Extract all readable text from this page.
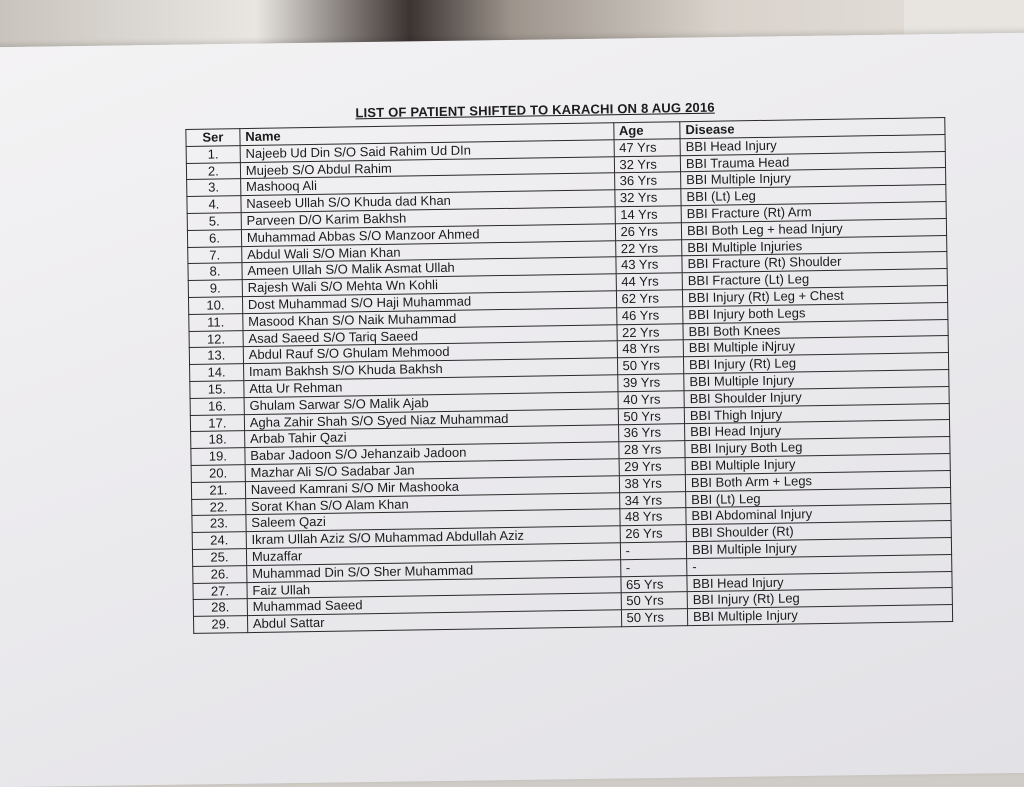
LIST OF PATIENT SHIFTED TO KARACHI ON 8 AUG 2016
Ser	Name	Age	Disease
1.	Najeeb Ud Din S/O Said Rahim Ud DIn	47 Yrs	BBI Head Injury
2.	Mujeeb S/O Abdul Rahim	32 Yrs	BBI Trauma Head
3.	Mashooq Ali	36 Yrs	BBI Multiple Injury
4.	Naseeb Ullah S/O Khuda dad Khan	32 Yrs	BBI (Lt) Leg
5.	Parveen D/O Karim Bakhsh	14 Yrs	BBI Fracture (Rt) Arm
6.	Muhammad Abbas S/O Manzoor Ahmed	26 Yrs	BBI Both Leg + head Injury
7.	Abdul Wali S/O Mian Khan	22 Yrs	BBI Multiple Injuries
8.	Ameen Ullah S/O Malik Asmat Ullah	43 Yrs	BBI Fracture (Rt) Shoulder
9.	Rajesh Wali S/O Mehta Wn Kohli	44 Yrs	BBI Fracture (Lt) Leg
10.	Dost Muhammad S/O Haji Muhammad	62 Yrs	BBI Injury (Rt) Leg + Chest
11.	Masood Khan S/O Naik Muhammad	46 Yrs	BBI Injury both Legs
12.	Asad Saeed S/O Tariq Saeed	22 Yrs	BBI Both Knees
13.	Abdul Rauf S/O Ghulam Mehmood	48 Yrs	BBI Multiple iNjruy
14.	Imam Bakhsh S/O Khuda Bakhsh	50 Yrs	BBI Injury (Rt) Leg
15.	Atta Ur Rehman	39 Yrs	BBI Multiple Injury
16.	Ghulam Sarwar S/O Malik Ajab	40 Yrs	BBI Shoulder Injury
17.	Agha Zahir Shah S/O Syed Niaz Muhammad	50 Yrs	BBI Thigh Injury
18.	Arbab Tahir Qazi	36 Yrs	BBI Head Injury
19.	Babar Jadoon S/O Jehanzaib Jadoon	28 Yrs	BBI Injury Both Leg
20.	Mazhar Ali S/O Sadabar Jan	29 Yrs	BBI Multiple Injury
21.	Naveed Kamrani S/O Mir Mashooka	38 Yrs	BBI Both Arm + Legs
22.	Sorat Khan S/O Alam Khan	34 Yrs	BBI (Lt) Leg
23.	Saleem Qazi	48 Yrs	BBI Abdominal Injury
24.	Ikram Ullah Aziz S/O Muhammad Abdullah Aziz	26 Yrs	BBI Shoulder (Rt)
25.	Muzaffar	-	BBI Multiple Injury
26.	Muhammad Din S/O Sher Muhammad	-	-
27.	Faiz Ullah	65 Yrs	BBI Head Injury
28.	Muhammad Saeed	50 Yrs	BBI Injury (Rt) Leg
29.	Abdul Sattar	50 Yrs	BBI Multiple Injury
